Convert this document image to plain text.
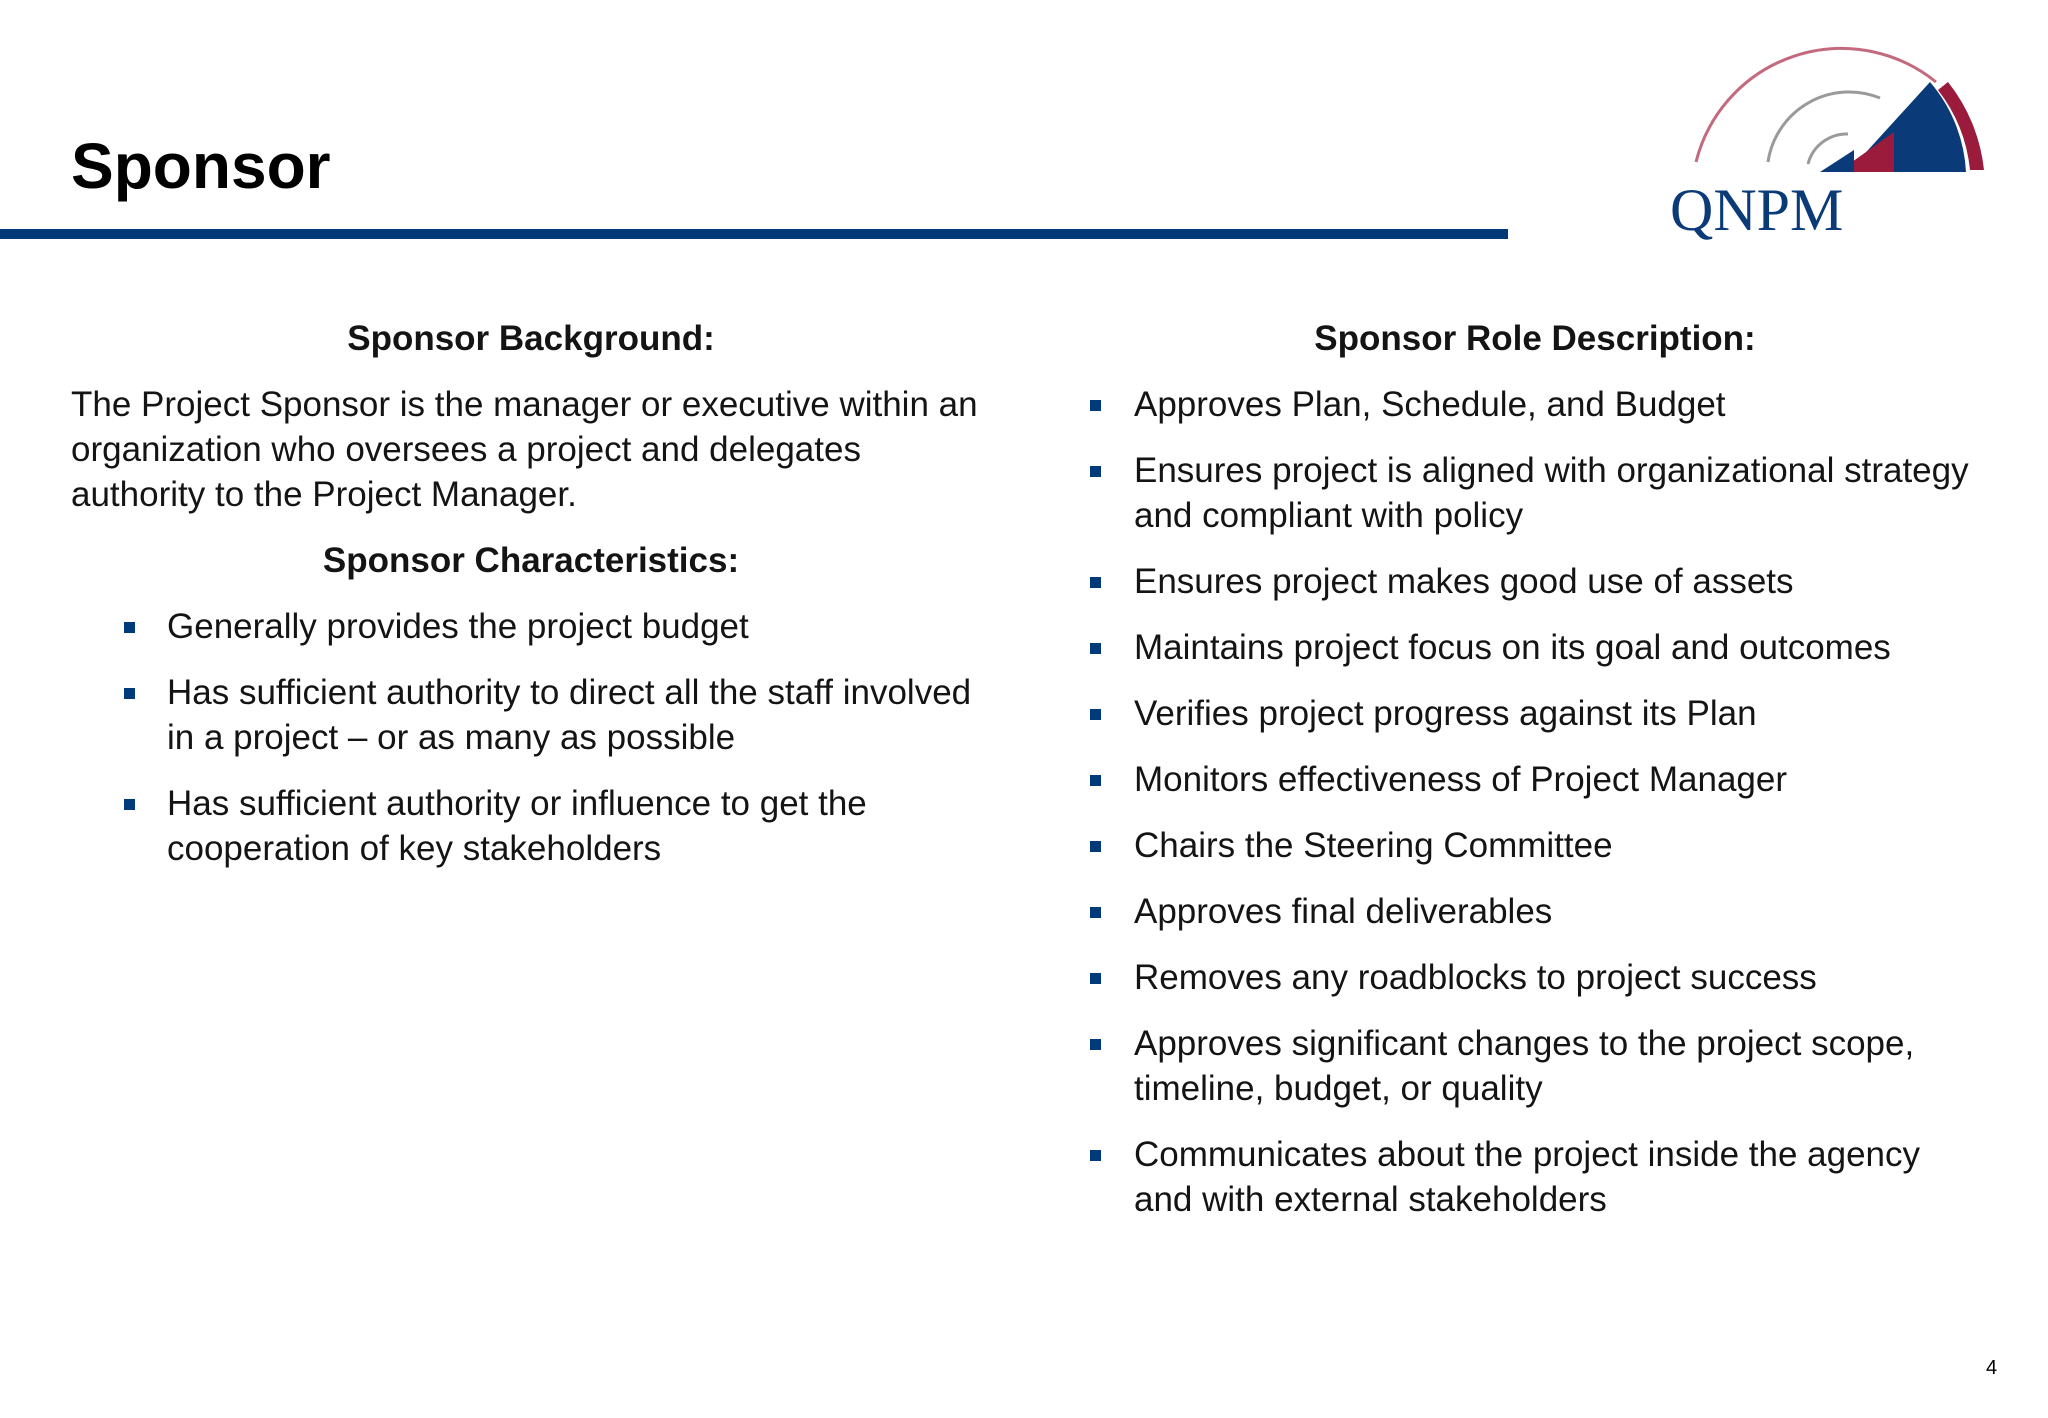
Sponsor
QNPM

Sponsor Background:

The Project Sponsor is the manager or executive within an organization who oversees a project and delegates authority to the Project Manager.

Sponsor Characteristics:

Generally provides the project budget
Has sufficient authority to direct all the staff involved in a project – or as many as possible
Has sufficient authority or influence to get the cooperation of key stakeholders

Sponsor Role Description:

Approves Plan, Schedule, and Budget
Ensures project is aligned with organizational strategy and compliant with policy
Ensures project makes good use of assets
Maintains project focus on its goal and outcomes
Verifies project progress against its Plan
Monitors effectiveness of Project Manager
Chairs the Steering Committee
Approves final deliverables
Removes any roadblocks to project success
Approves significant changes to the project scope, timeline, budget, or quality
Communicates about the project inside the agency and with external stakeholders
4
